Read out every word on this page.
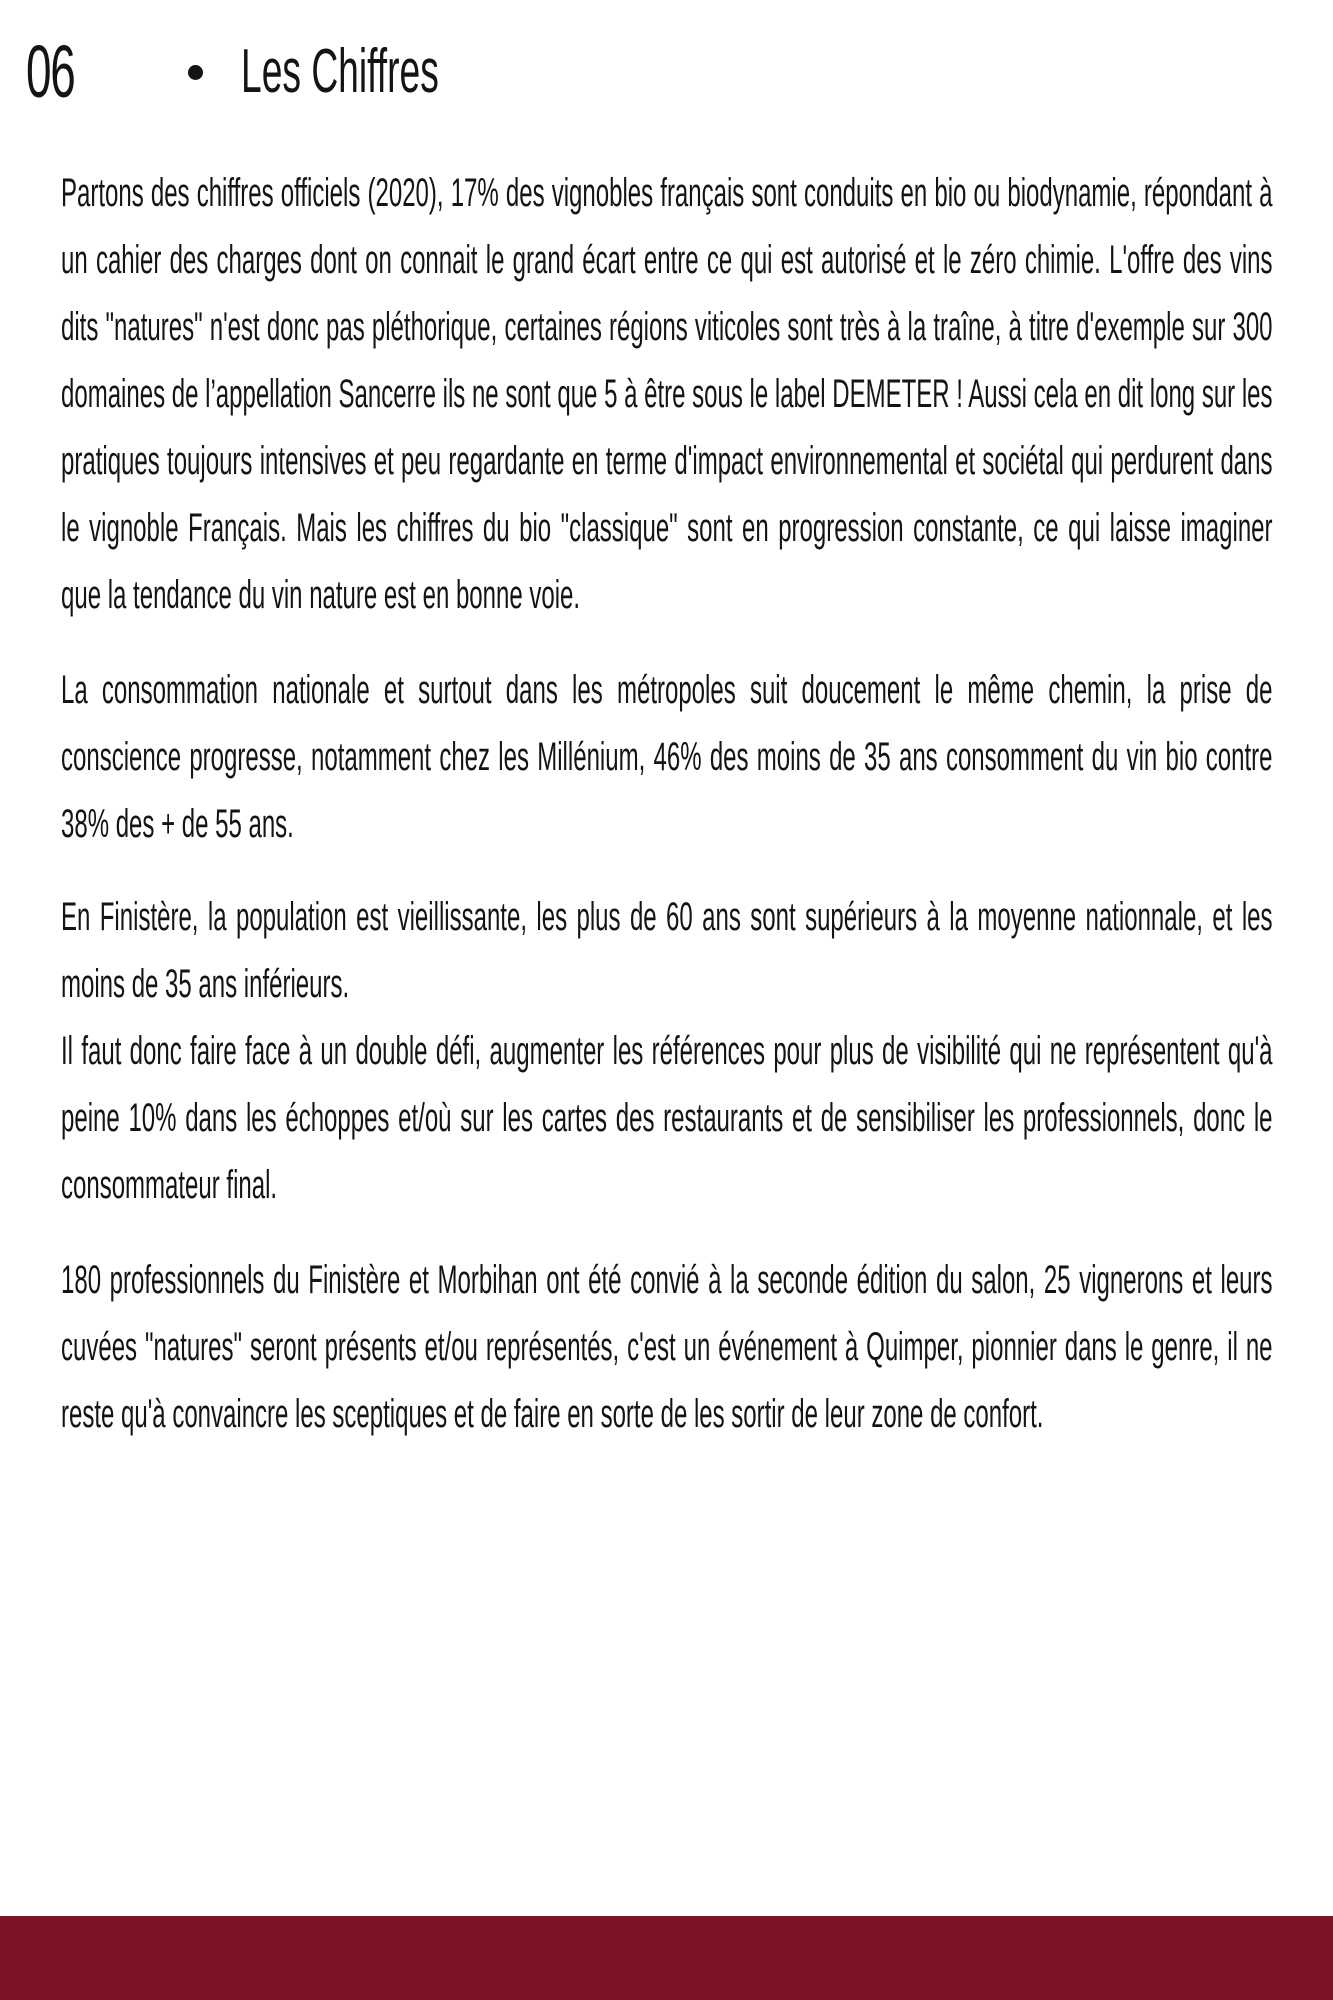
06	Les Chiffres

Partons des chiffres officiels (2020), 17% des vignobles français sont conduits en bio ou biodynamie, répondant à un cahier des charges dont on connait le grand écart entre ce qui est autorisé et le zéro chimie. L'offre des vins dits "natures" n'est donc pas pléthorique, certaines régions viticoles sont très à la traîne, à titre d'exemple sur 300 domaines de l’appellation Sancerre ils ne sont que 5 à être sous le label DEMETER ! Aussi cela en dit long sur les pratiques toujours intensives et peu regardante en terme d'impact environnemental et sociétal qui perdurent dans le vignoble Français. Mais les chiffres du bio "classique" sont en progression constante, ce qui laisse imaginer que la tendance du vin nature est en bonne voie.

La consommation nationale et surtout dans les métropoles suit doucement le même chemin, la prise de conscience progresse, notamment chez les Millénium, 46% des moins de 35 ans consomment du vin bio contre 38% des + de 55 ans.

En Finistère, la population est vieillissante, les plus de 60 ans sont supérieurs à la moyenne nationnale, et les moins de 35 ans inférieurs.

Il faut donc faire face à un double défi, augmenter les références pour plus de visibilité qui ne représentent qu'à peine 10% dans les échoppes et/où sur les cartes des restaurants et de sensibiliser les professionnels, donc le consommateur final.

180 professionnels du Finistère et Morbihan ont été convié à la seconde édition du salon, 25 vignerons et leurs cuvées "natures" seront présents et/ou représentés, c'est un événement à Quimper, pionnier dans le genre, il ne reste qu'à convaincre les sceptiques et de faire en sorte de les sortir de leur zone de confort.
